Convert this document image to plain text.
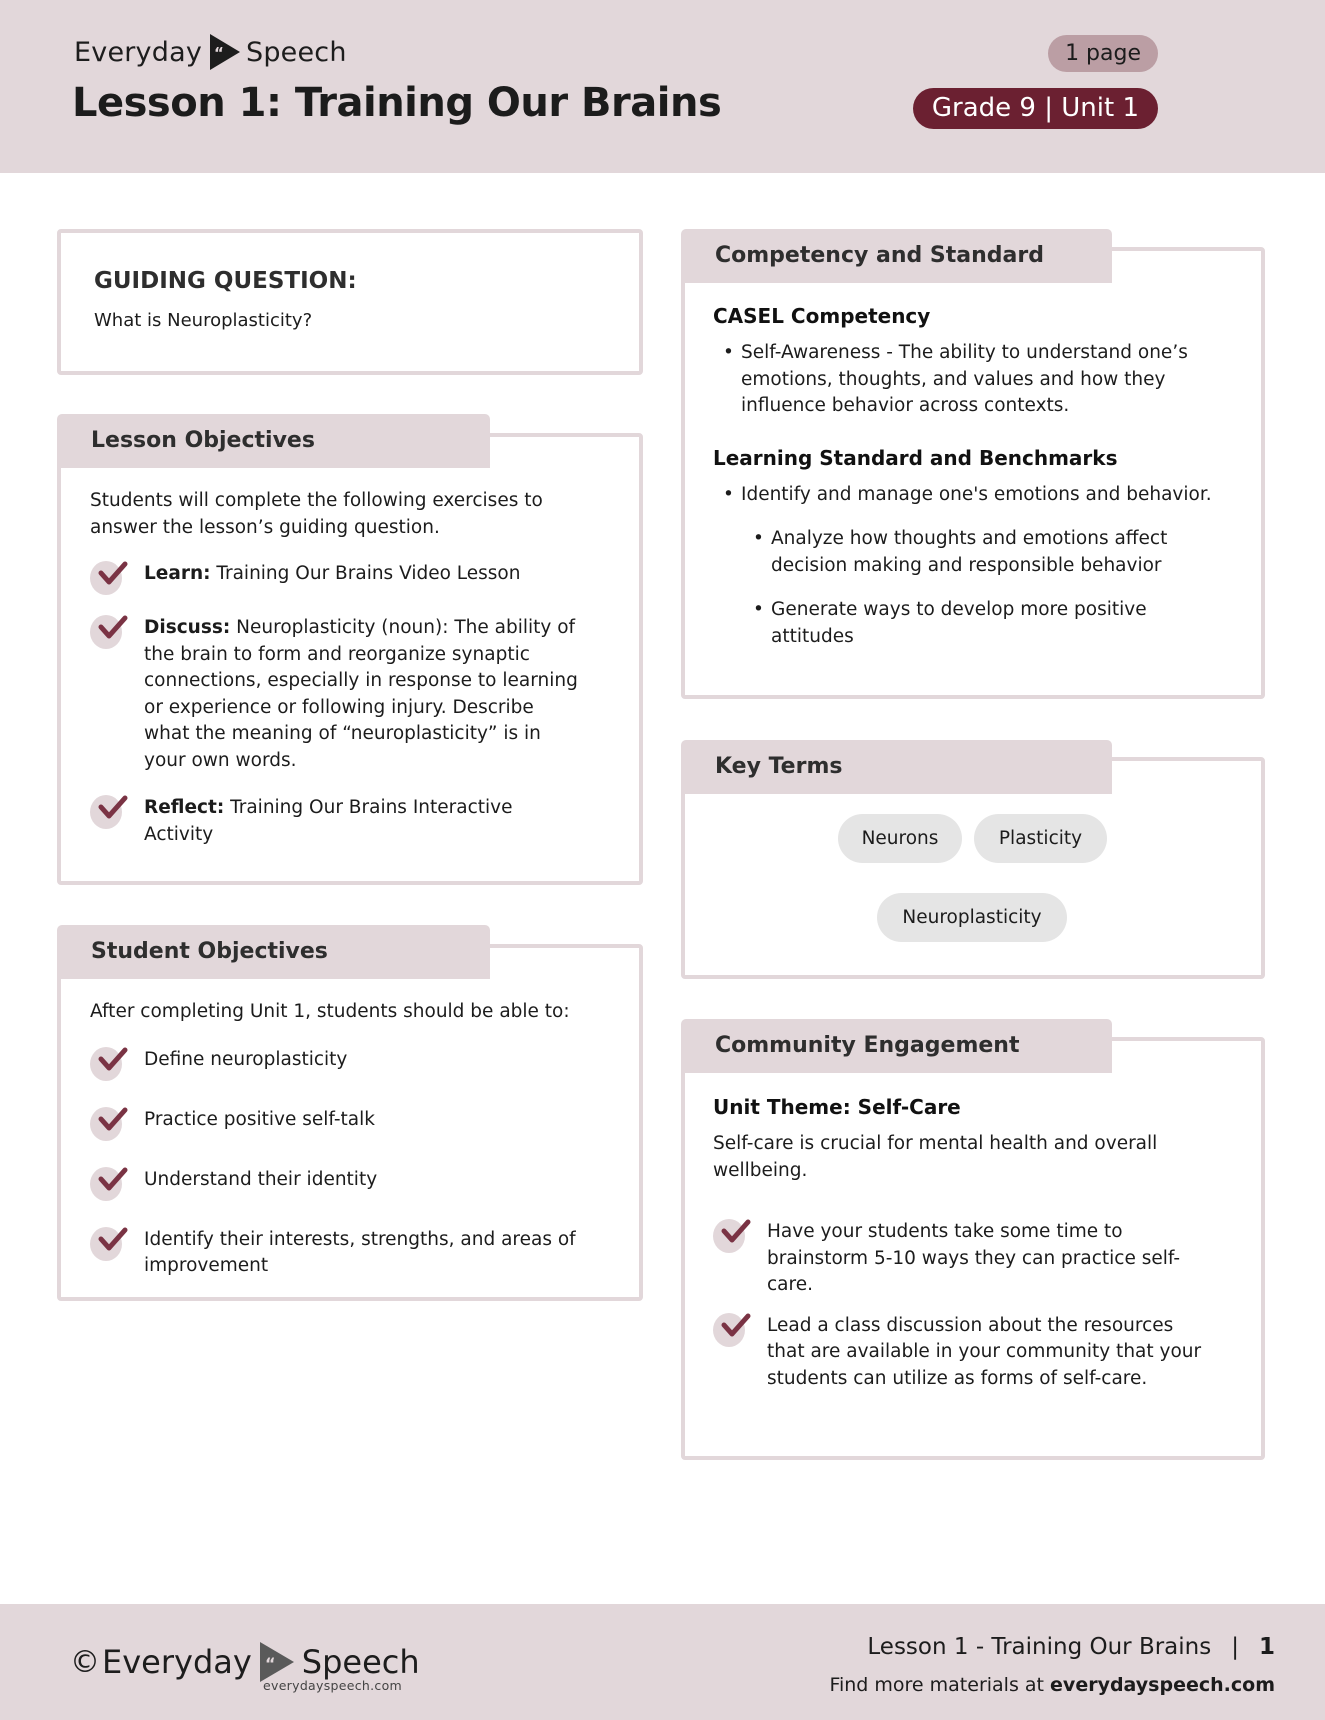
Everyday “ Speech
Lesson 1: Training Our Brains
1 page
Grade 9 | Unit 1
GUIDING QUESTION:
What is Neuroplasticity?
Lesson Objectives
Students will complete the following exercises to answer the lesson’s guiding question.
Learn: Training Our Brains Video Lesson
Discuss: Neuroplasticity (noun): The ability of the brain to form and reorganize synaptic connections, especially in response to learning or experience or following injury. Describe what the meaning of “neuroplasticity” is in your own words.
Reflect: Training Our Brains Interactive Activity
Student Objectives
After completing Unit 1, students should be able to:
Define neuroplasticity
Practice positive self-talk
Understand their identity
Identify their interests, strengths, and areas of improvement
Competency and Standard
CASEL Competency
• Self-Awareness - The ability to understand one’s emotions, thoughts, and values and how they influence behavior across contexts.
Learning Standard and Benchmarks
• Identify and manage one's emotions and behavior.
• Analyze how thoughts and emotions affect decision making and responsible behavior
• Generate ways to develop more positive attitudes
Key Terms
Neurons	Plasticity
Neuroplasticity
Community Engagement
Unit Theme: Self-Care
Self-care is crucial for mental health and overall wellbeing.
Have your students take some time to brainstorm 5-10 ways they can practice self-care.
Lead a class discussion about the resources that are available in your community that your students can utilize as forms of self-care.
© Everyday “ Speech
everydayspeech.com
Lesson 1 - Training Our Brains | 1
Find more materials at everydayspeech.com
